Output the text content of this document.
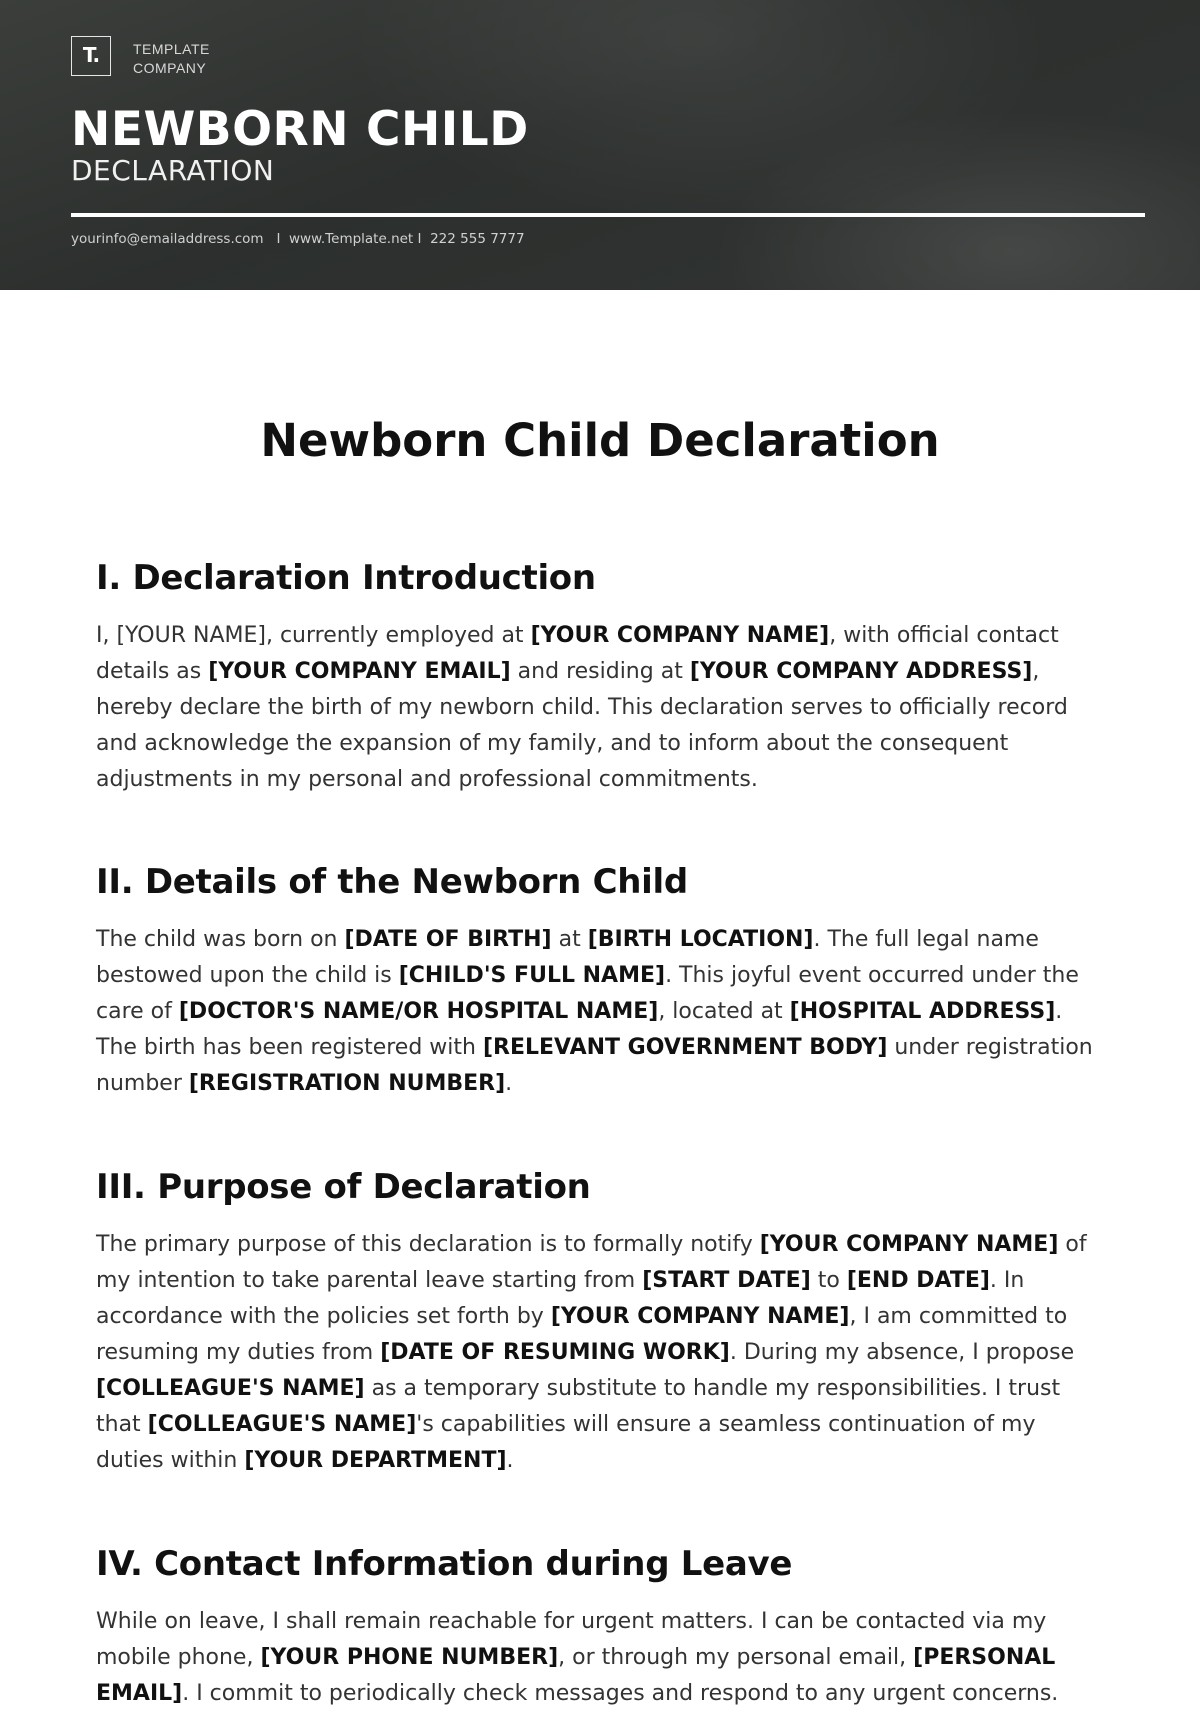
T.	TEMPLATE
COMPANY
NEWBORN CHILD
DECLARATION
yourinfo@emailaddress.com   I  www.Template.net I  222 555 7777
Newborn Child Declaration
I. Declaration Introduction

I, [YOUR NAME], currently employed at [YOUR COMPANY NAME], with official contact details as [YOUR COMPANY EMAIL] and residing at [YOUR COMPANY ADDRESS], hereby declare the birth of my newborn child. This declaration serves to officially record and acknowledge the expansion of my family, and to inform about the consequent adjustments in my personal and professional commitments.

II. Details of the Newborn Child

The child was born on [DATE OF BIRTH] at [BIRTH LOCATION]. The full legal name bestowed upon the child is [CHILD'S FULL NAME]. This joyful event occurred under the care of [DOCTOR'S NAME/OR HOSPITAL NAME], located at [HOSPITAL ADDRESS]. The birth has been registered with [RELEVANT GOVERNMENT BODY] under registration number [REGISTRATION NUMBER].

III. Purpose of Declaration

The primary purpose of this declaration is to formally notify [YOUR COMPANY NAME] of my intention to take parental leave starting from [START DATE] to [END DATE]. In accordance with the policies set forth by [YOUR COMPANY NAME], I am committed to resuming my duties from [DATE OF RESUMING WORK]. During my absence, I propose [COLLEAGUE'S NAME] as a temporary substitute to handle my responsibilities. I trust that [COLLEAGUE'S NAME]'s capabilities will ensure a seamless continuation of my duties within [YOUR DEPARTMENT].

IV. Contact Information during Leave

While on leave, I shall remain reachable for urgent matters. I can be contacted via my mobile phone, [YOUR PHONE NUMBER], or through my personal email, [PERSONAL EMAIL]. I commit to periodically check messages and respond to any urgent concerns.
